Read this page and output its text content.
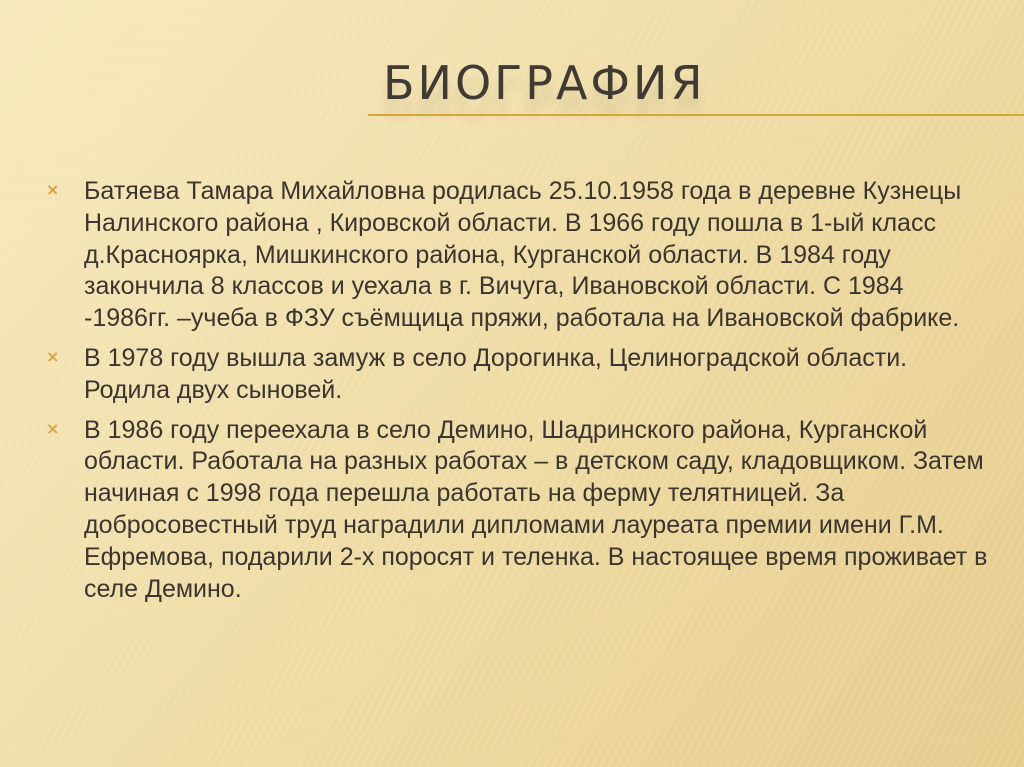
БИОГРАФИЯ
× Батяева Тамара Михайловна родилась 25.10.1958 года в деревне Кузнецы Налинского района , Кировской области. В 1966 году пошла в 1-ый класс д.Красноярка, Мишкинского района, Курганской области. В 1984 году закончила 8 классов и уехала в г. Вичуга, Ивановской области. С 1984 -1986гг. –учеба в ФЗУ съёмщица пряжи, работала на Ивановской фабрике.
× В 1978 году вышла замуж в село Дорогинка, Целиноградской области. Родила двух сыновей.
× В 1986 году переехала в село Демино, Шадринского района, Курганской области. Работала на разных работах – в детском саду, кладовщиком. Затем начиная с 1998 года перешла работать на ферму телятницей. За добросовестный труд наградили дипломами лауреата премии имени Г.М. Ефремова, подарили 2-х поросят и теленка. В настоящее время проживает в селе Демино.
